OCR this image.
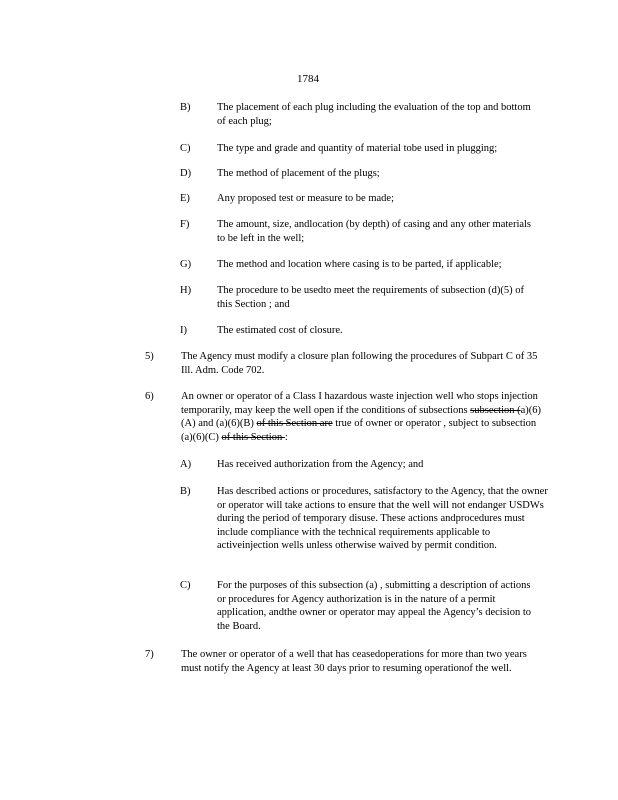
1784
B)	The placement of each plug including the evaluation of the top and bottom of each plug;
C)	The type and grade and quantity of material tobe used in plugging;
D) The method of placement of the plugs;
E)	Any proposed test or measure to be made;
F)	The amount, size, andlocation (by depth) of casing and any other materials to be left in the well;
G) The method and location where casing is to be parted, if applicable;
H) The procedure to be usedto meet the requirements of subsection (d)(5) of this Section ; and
I)	The estimated cost of closure.
5)	The Agency must modify a closure plan following the procedures of Subpart C of 35 Ill. Adm. Code 702.
6)	An owner or operator of a Class I hazardous waste injection well who stops injection temporarily, may keep the well open if the conditions of subsections subsection (a)(6)(A) and (a)(6)(B) of this Section are true of owner or operator , subject to subsection (a)(6)(C) of this Section :
A) Has received authorization from the Agency; and
B)	Has described actions or procedures, satisfactory to the Agency, that the owner or operator will take actions to ensure that the well will not endanger USDWs during the period of temporary disuse. These actions andprocedures must include compliance with the technical requirements applicable to activeinjection wells unless otherwise waived by permit condition.
C)	For the purposes of this subsection (a) , submitting a description of actions or procedures for Agency authorization is in the nature of a permit application, andthe owner or operator may appeal the Agency’s decision to the Board.
7)	The owner or operator of a well that has ceasedoperations for more than two years must notify the Agency at least 30 days prior to resuming operationof the well.
